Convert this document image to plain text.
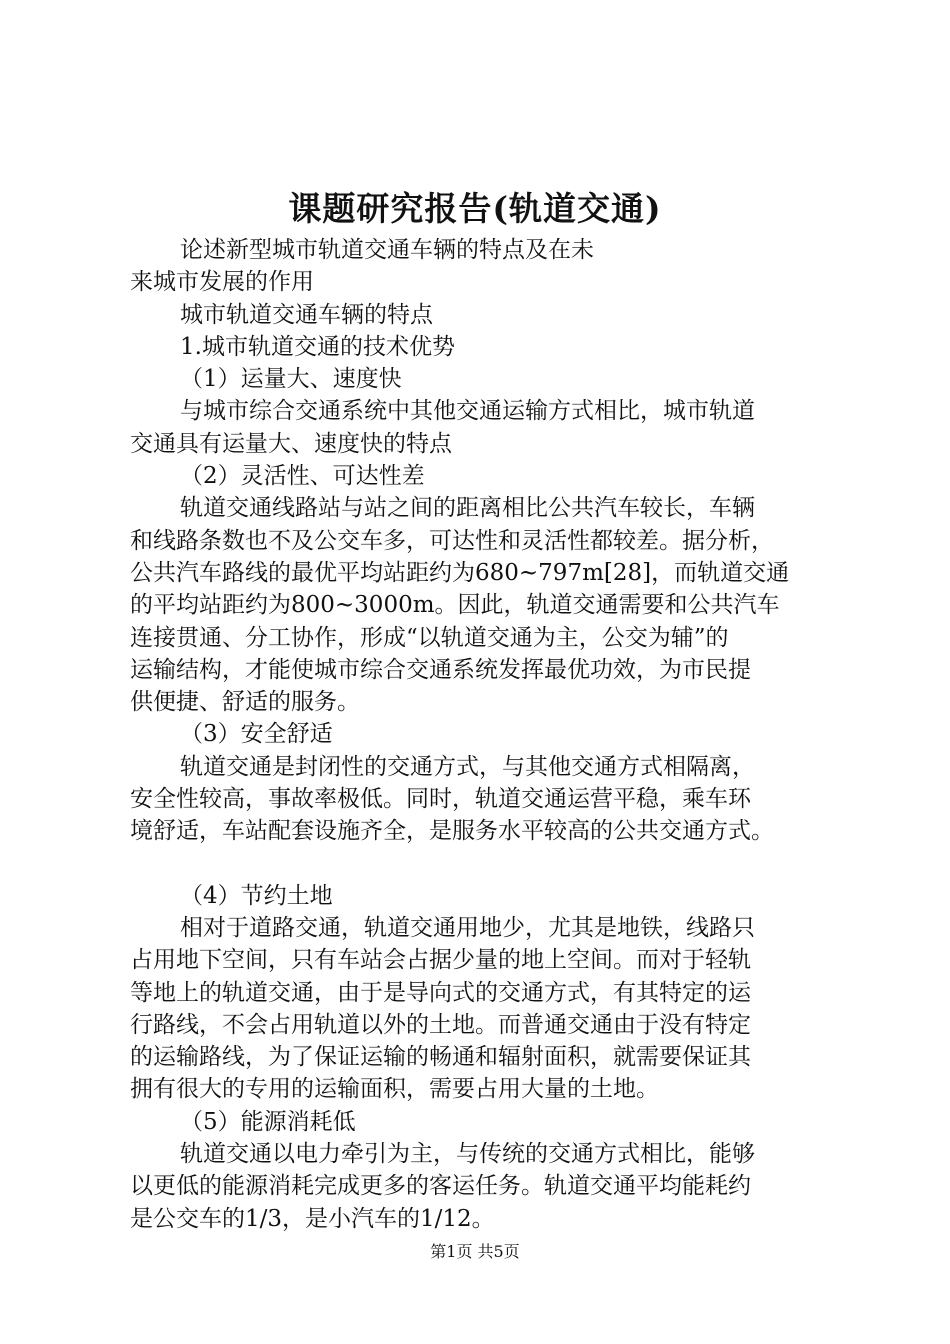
课题研究报告(轨道交通)

论述新型城市轨道交通车辆的特点及在未

来城市发展的作用

城市轨道交通车辆的特点

1.城市轨道交通的技术优势

（1）运量大、速度快

与城市综合交通系统中其他交通运输方式相比，城市轨道

交通具有运量大、速度快的特点

（2）灵活性、可达性差

轨道交通线路站与站之间的距离相比公共汽车较长，车辆

和线路条数也不及公交车多，可达性和灵活性都较差。据分析，

公共汽车路线的最优平均站距约为680~797m[28]，而轨道交通

的平均站距约为800~3000m。因此，轨道交通需要和公共汽车

连接贯通、分工协作，形成“以轨道交通为主，公交为辅”的

运输结构，才能使城市综合交通系统发挥最优功效，为市民提

供便捷、舒适的服务。

（3）安全舒适

轨道交通是封闭性的交通方式，与其他交通方式相隔离，

安全性较高，事故率极低。同时，轨道交通运营平稳，乘车环

境舒适，车站配套设施齐全，是服务水平较高的公共交通方式。

（4）节约土地

相对于道路交通，轨道交通用地少，尤其是地铁，线路只

占用地下空间，只有车站会占据少量的地上空间。而对于轻轨

等地上的轨道交通，由于是导向式的交通方式，有其特定的运

行路线，不会占用轨道以外的土地。而普通交通由于没有特定

的运输路线，为了保证运输的畅通和辐射面积，就需要保证其

拥有很大的专用的运输面积，需要占用大量的土地。

（5）能源消耗低

轨道交通以电力牵引为主，与传统的交通方式相比，能够

以更低的能源消耗完成更多的客运任务。轨道交通平均能耗约

是公交车的1/3，是小汽车的1/12。

第1页 共5页
